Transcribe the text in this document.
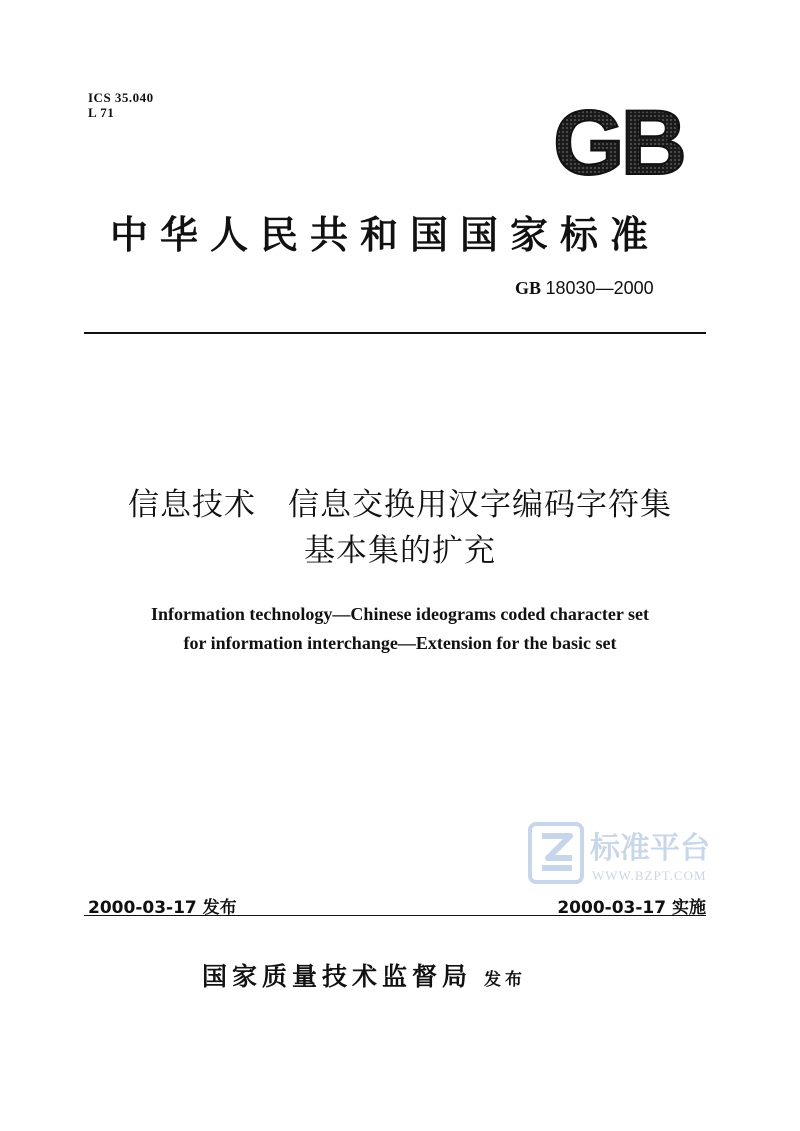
ICS 35.040
L 71	GB
中华人民共和国国家标准
GB 18030—2000
信息技术　信息交换用汉字编码字符集
基本集的扩充
Information technology—Chinese ideograms coded character set
for information interchange—Extension for the basic set
标准平台
WWW.BZPT.COM
2000-03-17 发布	2000-03-17 实施
国家质量技术监督局 发布
